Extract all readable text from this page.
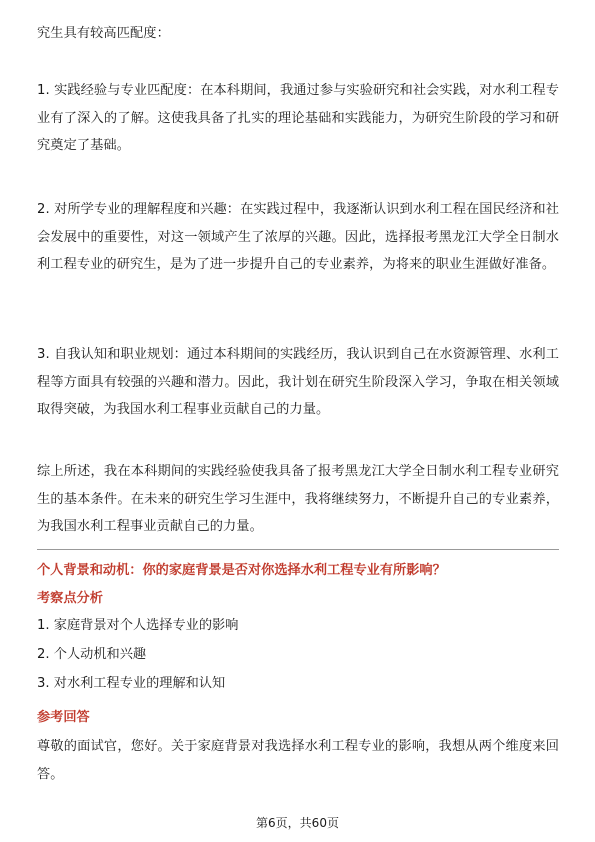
究生具有较高匹配度：

1. 实践经验与专业匹配度：在本科期间，我通过参与实验研究和社会实践，对水利工程专业有了深入的了解。这使我具备了扎实的理论基础和实践能力，为研究生阶段的学习和研究奠定了基础。

2. 对所学专业的理解程度和兴趣：在实践过程中，我逐渐认识到水利工程在国民经济和社会发展中的重要性，对这一领域产生了浓厚的兴趣。因此，选择报考黑龙江大学全日制水利工程专业的研究生，是为了进一步提升自己的专业素养，为将来的职业生涯做好准备。

3. 自我认知和职业规划：通过本科期间的实践经历，我认识到自己在水资源管理、水利工程等方面具有较强的兴趣和潜力。因此，我计划在研究生阶段深入学习，争取在相关领域取得突破，为我国水利工程事业贡献自己的力量。

综上所述，我在本科期间的实践经验使我具备了报考黑龙江大学全日制水利工程专业研究生的基本条件。在未来的研究生学习生涯中，我将继续努力，不断提升自己的专业素养，为我国水利工程事业贡献自己的力量。

个人背景和动机：你的家庭背景是否对你选择水利工程专业有所影响？

考察点分析

1. 家庭背景对个人选择专业的影响

2. 个人动机和兴趣

3. 对水利工程专业的理解和认知

参考回答

尊敬的面试官，您好。关于家庭背景对我选择水利工程专业的影响，我想从两个维度来回答。

第6页，共60页
